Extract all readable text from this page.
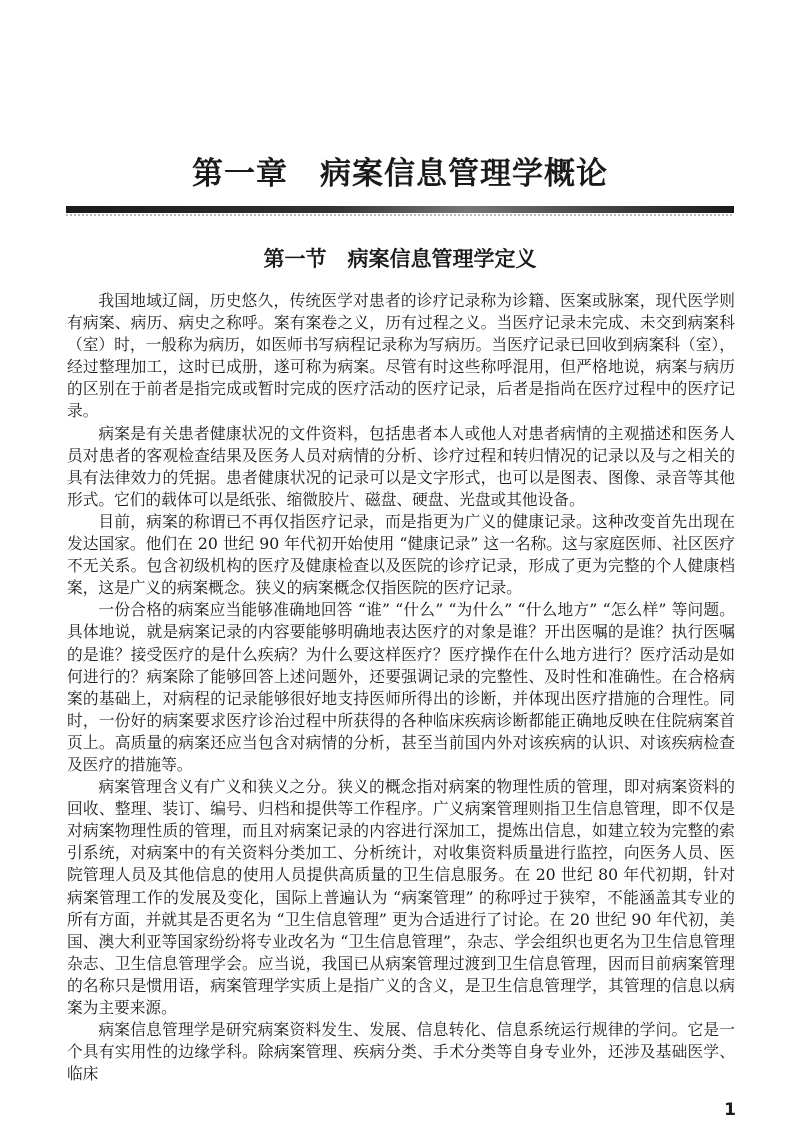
第一章　病案信息管理学概论
第一节　病案信息管理学定义

我国地域辽阔，历史悠久，传统医学对患者的诊疗记录称为诊籍、医案或脉案，现代医学则有病案、病历、病史之称呼。案有案卷之义，历有过程之义。当医疗记录未完成、未交到病案科（室）时，一般称为病历，如医师书写病程记录称为写病历。当医疗记录已回收到病案科（室），经过整理加工，这时已成册，遂可称为病案。尽管有时这些称呼混用，但严格地说，病案与病历的区别在于前者是指完成或暂时完成的医疗活动的医疗记录，后者是指尚在医疗过程中的医疗记录。

病案是有关患者健康状况的文件资料，包括患者本人或他人对患者病情的主观描述和医务人员对患者的客观检查结果及医务人员对病情的分析、诊疗过程和转归情况的记录以及与之相关的具有法律效力的凭据。患者健康状况的记录可以是文字形式，也可以是图表、图像、录音等其他形式。它们的载体可以是纸张、缩微胶片、磁盘、硬盘、光盘或其他设备。

目前，病案的称谓已不再仅指医疗记录，而是指更为广义的健康记录。这种改变首先出现在发达国家。他们在 20 世纪 90 年代初开始使用 “健康记录” 这一名称。这与家庭医师、社区医疗不无关系。包含初级机构的医疗及健康检查以及医院的诊疗记录，形成了更为完整的个人健康档案，这是广义的病案概念。狭义的病案概念仅指医院的医疗记录。

一份合格的病案应当能够准确地回答 “谁” “什么” “为什么” “什么地方” “怎么样” 等问题。具体地说，就是病案记录的内容要能够明确地表达医疗的对象是谁？开出医嘱的是谁？执行医嘱的是谁？接受医疗的是什么疾病？为什么要这样医疗？医疗操作在什么地方进行？医疗活动是如何进行的？病案除了能够回答上述问题外，还要强调记录的完整性、及时性和准确性。在合格病案的基础上，对病程的记录能够很好地支持医师所得出的诊断，并体现出医疗措施的合理性。同时，一份好的病案要求医疗诊治过程中所获得的各种临床疾病诊断都能正确地反映在住院病案首页上。高质量的病案还应当包含对病情的分析，甚至当前国内外对该疾病的认识、对该疾病检查及医疗的措施等。

病案管理含义有广义和狭义之分。狭义的概念指对病案的物理性质的管理，即对病案资料的回收、整理、装订、编号、归档和提供等工作程序。广义病案管理则指卫生信息管理，即不仅是对病案物理性质的管理，而且对病案记录的内容进行深加工，提炼出信息，如建立较为完整的索引系统，对病案中的有关资料分类加工、分析统计，对收集资料质量进行监控，向医务人员、医院管理人员及其他信息的使用人员提供高质量的卫生信息服务。在 20 世纪 80 年代初期，针对病案管理工作的发展及变化，国际上普遍认为 “病案管理” 的称呼过于狭窄，不能涵盖其专业的所有方面，并就其是否更名为 “卫生信息管理” 更为合适进行了讨论。在 20 世纪 90 年代初，美国、澳大利亚等国家纷纷将专业改名为 “卫生信息管理”，杂志、学会组织也更名为卫生信息管理杂志、卫生信息管理学会。应当说，我国已从病案管理过渡到卫生信息管理，因而目前病案管理的名称只是惯用语，病案管理学实质上是指广义的含义，是卫生信息管理学，其管理的信息以病案为主要来源。

病案信息管理学是研究病案资料发生、发展、信息转化、信息系统运行规律的学问。它是一个具有实用性的边缘学科。除病案管理、疾病分类、手术分类等自身专业外，还涉及基础医学、临床

1
